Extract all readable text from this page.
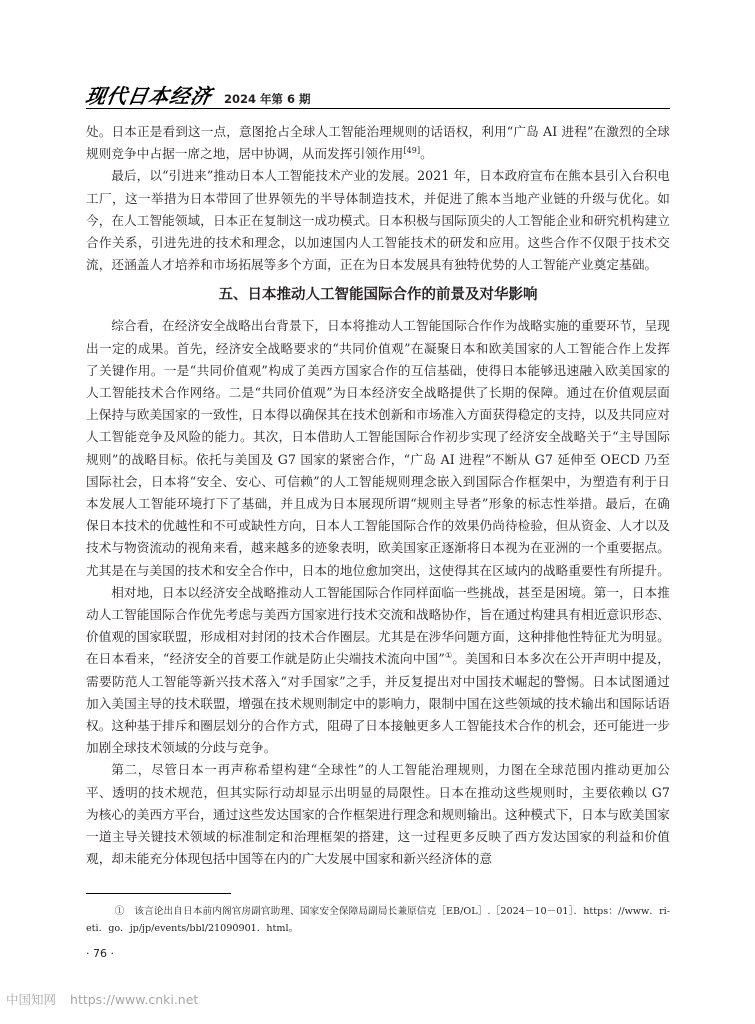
现代日本经济 2024 年第 6 期

处。日本正是看到这一点，意图抢占全球人工智能治理规则的话语权，利用“广岛 AI 进程”在激烈的全球规则竞争中占据一席之地，居中协调，从而发挥引领作用[49]。

最后，以“引进来”推动日本人工智能技术产业的发展。2021 年，日本政府宣布在熊本县引入台积电工厂，这一举措为日本带回了世界领先的半导体制造技术，并促进了熊本当地产业链的升级与优化。如今，在人工智能领域，日本正在复制这一成功模式。日本积极与国际顶尖的人工智能企业和研究机构建立合作关系，引进先进的技术和理念，以加速国内人工智能技术的研发和应用。这些合作不仅限于技术交流，还涵盖人才培养和市场拓展等多个方面，正在为日本发展具有独特优势的人工智能产业奠定基础。

五、日本推动人工智能国际合作的前景及对华影响

综合看，在经济安全战略出台背景下，日本将推动人工智能国际合作作为战略实施的重要环节，呈现出一定的成果。首先，经济安全战略要求的“共同价值观”在凝聚日本和欧美国家的人工智能合作上发挥了关键作用。一是“共同价值观”构成了美西方国家合作的互信基础，使得日本能够迅速融入欧美国家的人工智能技术合作网络。二是“共同价值观”为日本经济安全战略提供了长期的保障。通过在价值观层面上保持与欧美国家的一致性，日本得以确保其在技术创新和市场准入方面获得稳定的支持，以及共同应对人工智能竞争及风险的能力。其次，日本借助人工智能国际合作初步实现了经济安全战略关于“主导国际规则”的战略目标。依托与美国及 G7 国家的紧密合作，“广岛 AI 进程”不断从 G7 延伸至 OECD 乃至国际社会，日本将“安全、安心、可信赖”的人工智能规则理念嵌入到国际合作框架中，为塑造有利于日本发展人工智能环境打下了基础，并且成为日本展现所谓“规则主导者”形象的标志性举措。最后，在确保日本技术的优越性和不可或缺性方向，日本人工智能国际合作的效果仍尚待检验，但从资金、人才以及技术与物资流动的视角来看，越来越多的迹象表明，欧美国家正逐渐将日本视为在亚洲的一个重要据点。尤其是在与美国的技术和安全合作中，日本的地位愈加突出，这使得其在区域内的战略重要性有所提升。

相对地，日本以经济安全战略推动人工智能国际合作同样面临一些挑战，甚至是困境。第一，日本推动人工智能国际合作优先考虑与美西方国家进行技术交流和战略协作，旨在通过构建具有相近意识形态、价值观的国家联盟，形成相对封闭的技术合作圈层。尤其是在涉华问题方面，这种排他性特征尤为明显。在日本看来，“经济安全的首要工作就是防止尖端技术流向中国”①。美国和日本多次在公开声明中提及，需要防范人工智能等新兴技术落入“对手国家”之手，并反复提出对中国技术崛起的警惕。日本试图通过加入美国主导的技术联盟，增强在技术规则制定中的影响力，限制中国在这些领域的技术输出和国际话语权。这种基于排斥和圈层划分的合作方式，阻碍了日本接触更多人工智能技术合作的机会，还可能进一步加剧全球技术领域的分歧与竞争。

第二，尽管日本一再声称希望构建“全球性”的人工智能治理规则，力图在全球范围内推动更加公平、透明的技术规范，但其实际行动却显示出明显的局限性。日本在推动这些规则时，主要依赖以 G7 为核心的美西方平台，通过这些发达国家的合作框架进行理念和规则输出。这种模式下，日本与欧美国家一道主导关键技术领域的标准制定和治理框架的搭建，这一过程更多反映了西方发达国家的利益和价值观，却未能充分体现包括中国等在内的广大发展中国家和新兴经济体的意

①　该言论出自日本前内阁官房副官助理、国家安全保障局副局长兼原信克［EB/OL］.［2024－10－01］．https：//www．ri-eti．go．jp/jp/events/bbl/21090901．html。
· 76 ·
中国知网 https://www.cnki.net
